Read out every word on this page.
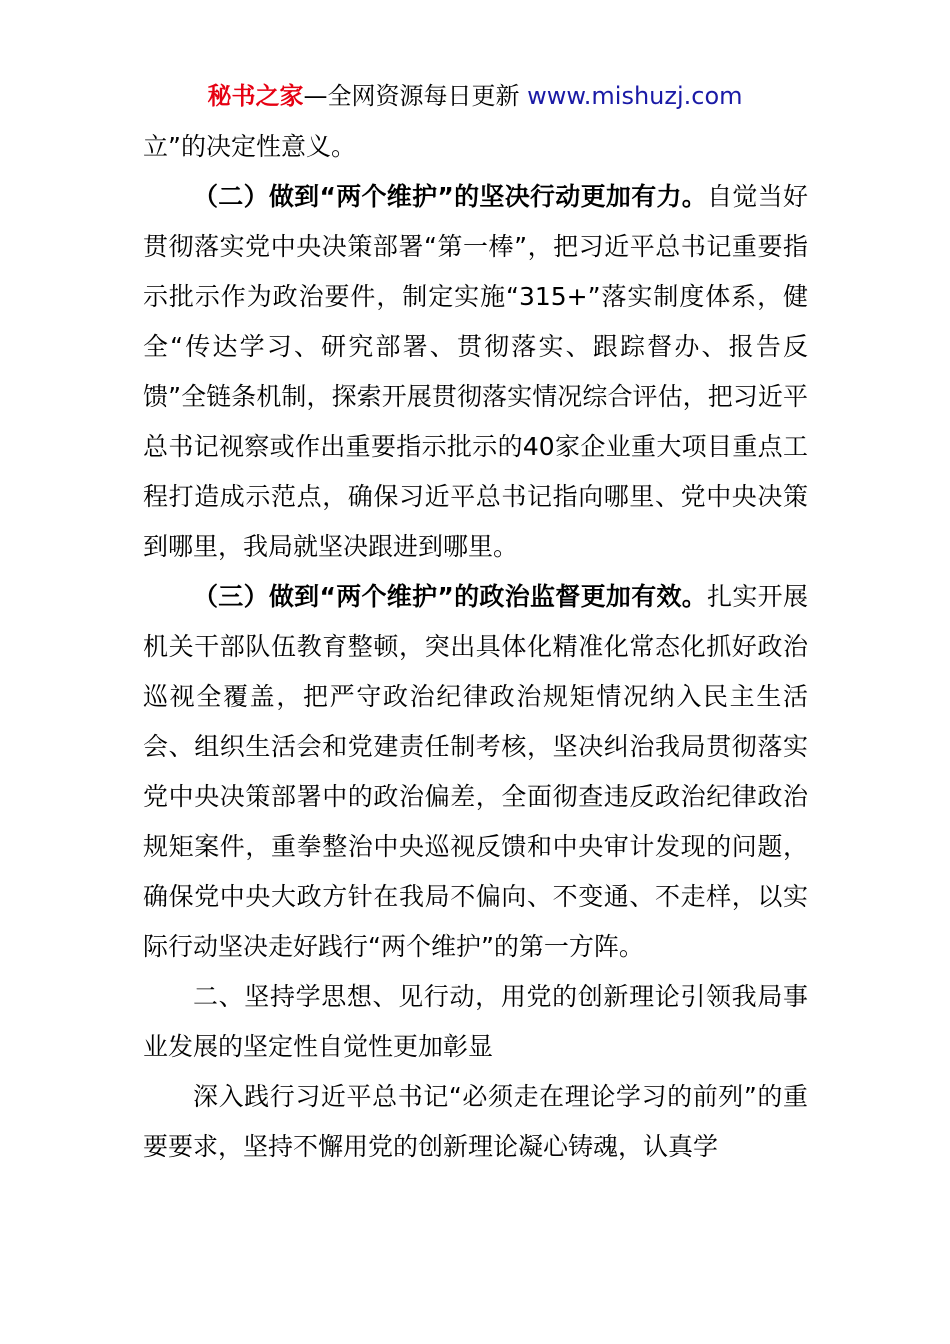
秘书之家—全网资源每日更新 www.mishuzj.com

立”的决定性意义。

（二）做到“两个维护”的坚决行动更加有力。自觉当好贯彻落实党中央决策部署“第一棒”，把习近平总书记重要指示批示作为政治要件，制定实施“315+”落实制度体系，健全“传达学习、研究部署、贯彻落实、跟踪督办、报告反馈”全链条机制，探索开展贯彻落实情况综合评估，把习近平总书记视察或作出重要指示批示的40家企业重大项目重点工程打造成示范点，确保习近平总书记指向哪里、党中央决策到哪里，我局就坚决跟进到哪里。

（三）做到“两个维护”的政治监督更加有效。扎实开展机关干部队伍教育整顿，突出具体化精准化常态化抓好政治巡视全覆盖，把严守政治纪律政治规矩情况纳入民主生活会、组织生活会和党建责任制考核，坚决纠治我局贯彻落实党中央决策部署中的政治偏差，全面彻查违反政治纪律政治规矩案件，重拳整治中央巡视反馈和中央审计发现的问题，确保党中央大政方针在我局不偏向、不变通、不走样，以实际行动坚决走好践行“两个维护”的第一方阵。

二、坚持学思想、见行动，用党的创新理论引领我局事业发展的坚定性自觉性更加彰显

深入践行习近平总书记“必须走在理论学习的前列”的重要要求，坚持不懈用党的创新理论凝心铸魂，认真学
